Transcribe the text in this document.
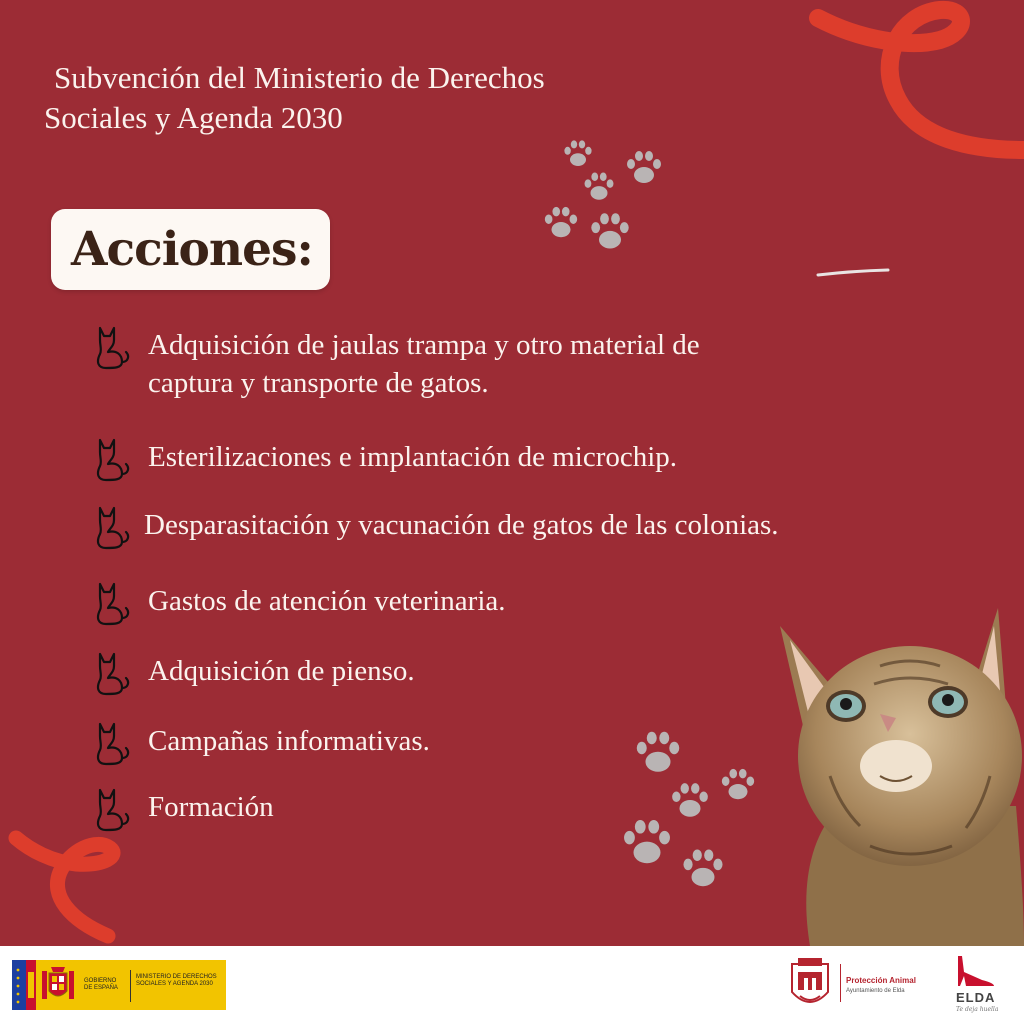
Subvención del Ministerio de Derechos
Sociales y Agenda 2030
Acciones:
Adquisición de jaulas trampa y otro material de
captura y transporte de gatos.
Esterilizaciones e implantación de microchip.
Desparasitación y vacunación de gatos de las colonias.
Gastos de atención veterinaria.
Adquisición de pienso.
Campañas informativas.
Formación
GOBIERNO DE ESPAÑA
MINISTERIO DE DERECHOS SOCIALES Y AGENDA 2030	Protección Animal
Ayuntamiento de Elda	ELDA
Te deja huella
